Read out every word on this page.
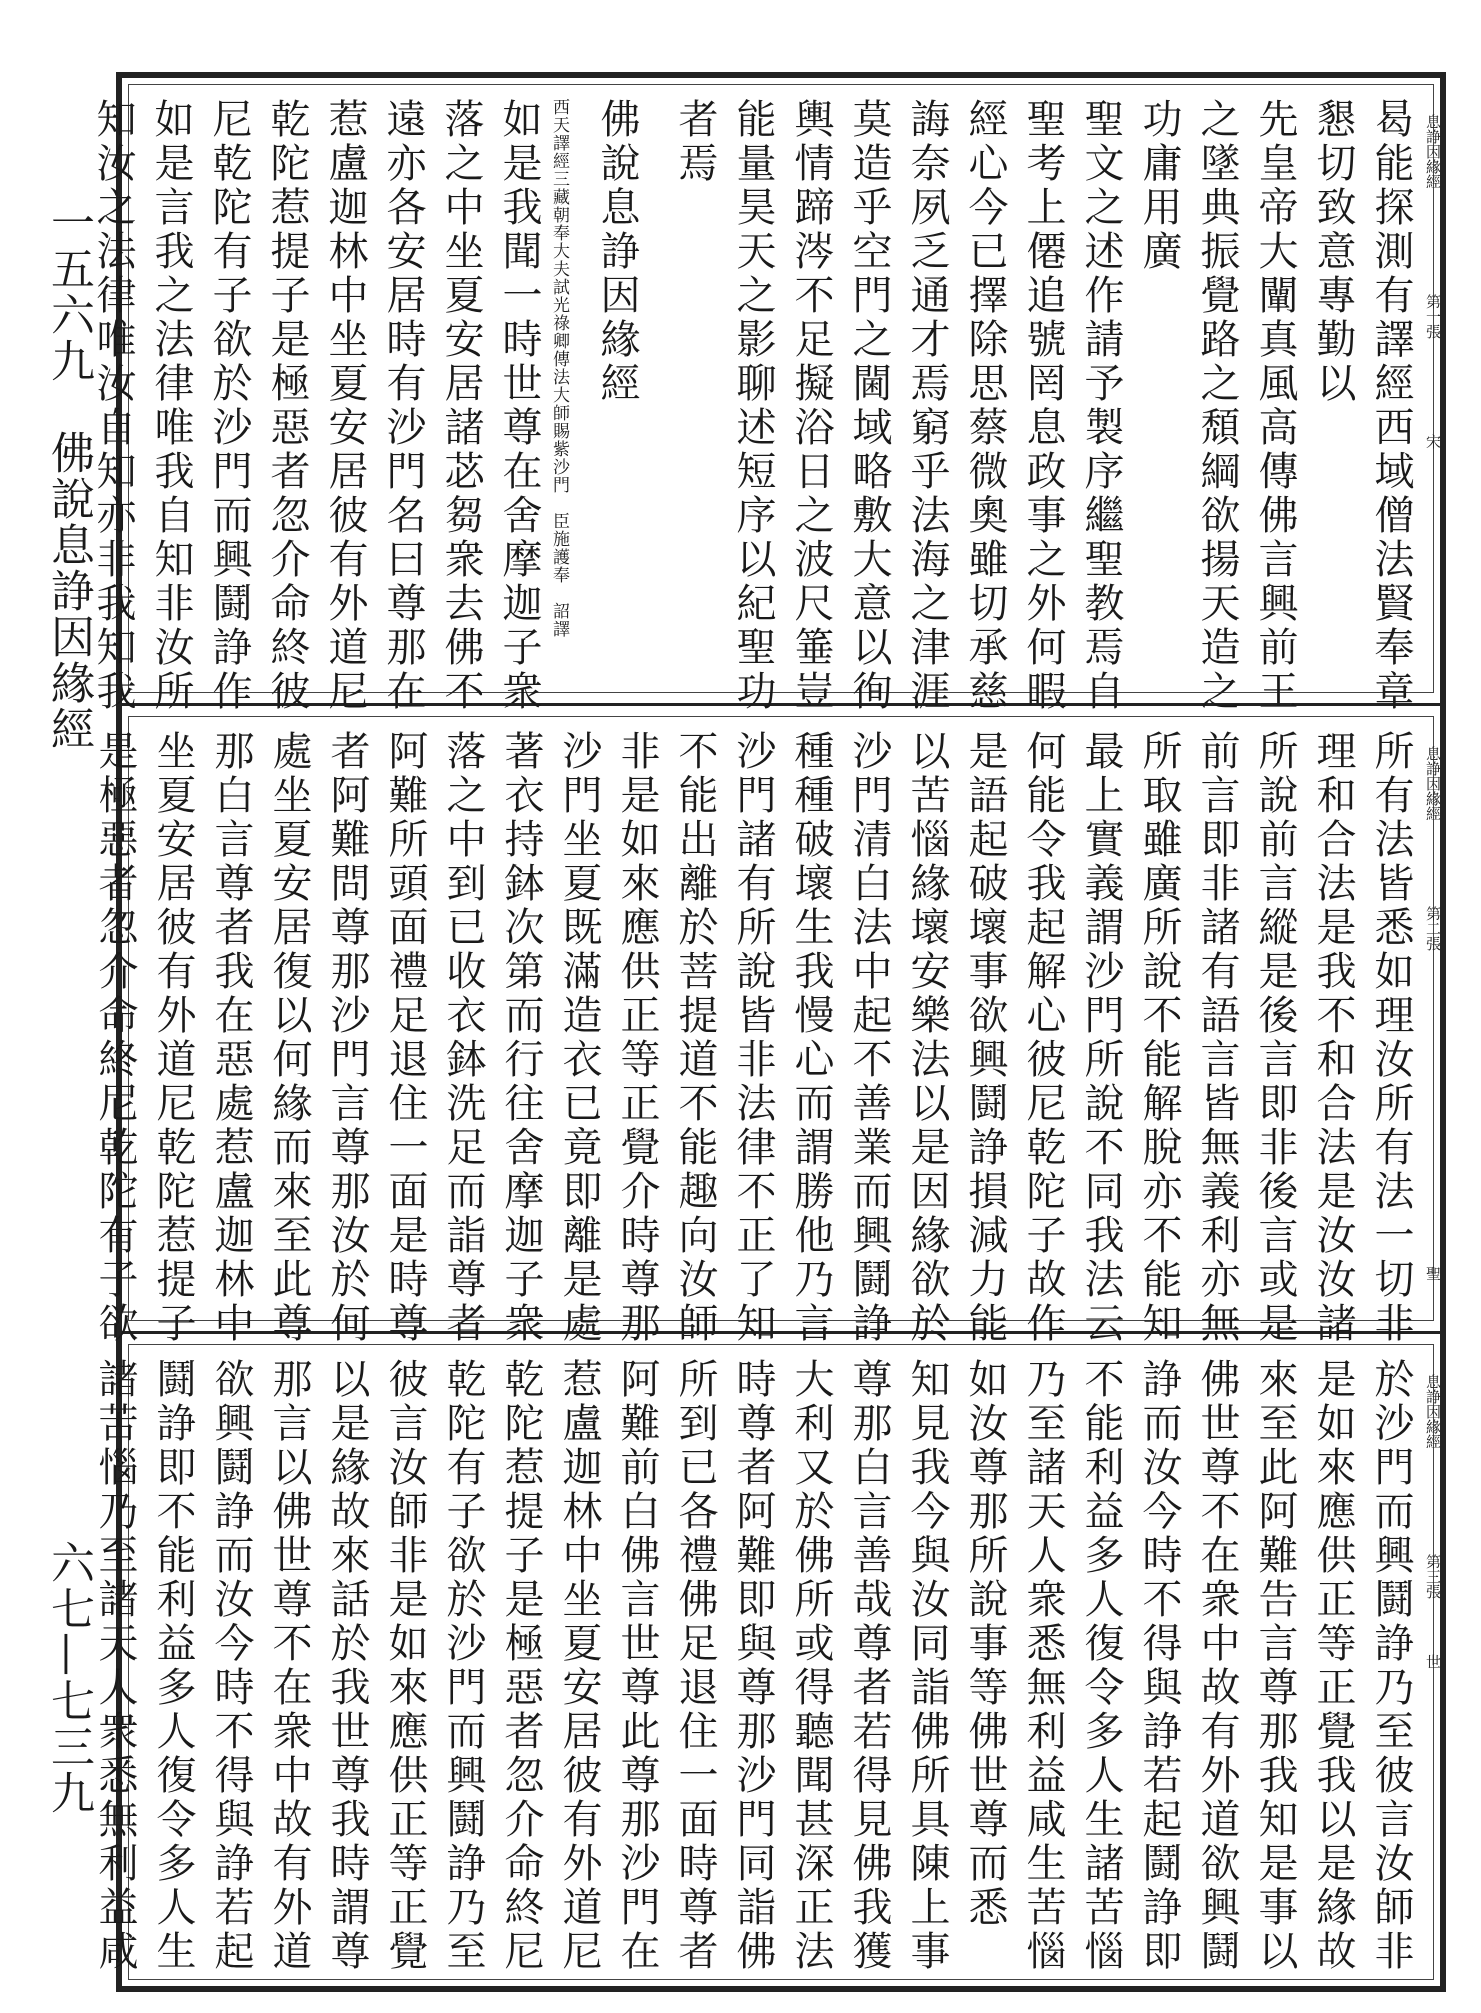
一五六九　佛說息諍因緣經
六七—七三九
曷能探測有譯經西域僧法賢奉章
懇切致意專勤以
先皇帝大闡真風高傳佛言興前王
之墜典振覺路之頹綱欲揚天造之
功庸用廣
聖文之述作請予製序繼聖教焉自
聖考上僊追號罔息政事之外何暇
經心今已擇除思蔡微奧雖切承慈
誨奈夙乏通才焉窮乎法海之津涯
莫造乎空門之閫域略敷大意以徇
輿情蹄涔不足擬浴日之波尺箠豈
能量昊天之影聊述短序以紀聖功
者焉
佛說息諍因緣經
西天譯經三藏朝奉大夫試光祿卿傳法大師賜紫沙門　臣施護奉　詔譯
如是我聞一時世尊在舍摩迦子衆
落之中坐夏安居諸苾芻衆去佛不
遠亦各安居時有沙門名曰尊那在
惹盧迦林中坐夏安居彼有外道尼
乾陀惹提子是極惡者忽介命終彼
尼乾陀有子欲於沙門而興鬪諍作
如是言我之法律唯我自知非汝所
知汝之法律唯汝自知亦非我知我	息諍因緣經
第一張
宋
所有法皆悉如理汝所有法一切非
理和合法是我不和合法是汝汝諸
所說前言縱是後言即非後言或是
前言即非諸有語言皆無義利亦無
所取雖廣所說不能解脫亦不能知
最上實義謂沙門所說不同我法云
何能令我起解心彼尼乾陀子故作
是語起破壞事欲興鬪諍損減力能
以苦惱緣壞安樂法以是因緣欲於
沙門清白法中起不善業而興鬪諍
種種破壞生我慢心而謂勝他乃言
沙門諸有所說皆非法律不正了知
不能出離於菩提道不能趣向汝師
非是如來應供正等正覺介時尊那
沙門坐夏既滿造衣已竟即離是處
著衣持鉢次第而行往舍摩迦子衆
落之中到已收衣鉢洗足而詣尊者
阿難所頭面禮足退住一面是時尊
者阿難問尊那沙門言尊那汝於何
處坐夏安居復以何緣而來至此尊
那白言尊者我在惡處惹盧迦林中
坐夏安居彼有外道尼乾陀惹提子
是極惡者忽介命終尼乾陀有子欲	息諍因緣經
第二張
聖
於沙門而興鬪諍乃至彼言汝師非
是如來應供正等正覺我以是緣故
來至此阿難告言尊那我知是事以
佛世尊不在衆中故有外道欲興鬪
諍而汝今時不得與諍若起鬪諍即
不能利益多人復令多人生諸苦惱
乃至諸天人衆悉無利益咸生苦惱
如汝尊那所說事等佛世尊而悉
知見我今與汝同詣佛所具陳上事
尊那白言善哉尊者若得見佛我獲
大利又於佛所或得聽聞甚深正法
時尊者阿難即與尊那沙門同詣佛
所到已各禮佛足退住一面時尊者
阿難前白佛言世尊此尊那沙門在
惹盧迦林中坐夏安居彼有外道尼
乾陀惹提子是極惡者忽介命終尼
乾陀有子欲於沙門而興鬪諍乃至
彼言汝師非是如來應供正等正覺
以是緣故來話於我世尊我時謂尊
那言以佛世尊不在衆中故有外道
欲興鬪諍而汝今時不得與諍若起
鬪諍即不能利益多人復令多人生
諸苦惱乃至諸天人衆悉無利益咸	息諍因緣經
第三張
世
